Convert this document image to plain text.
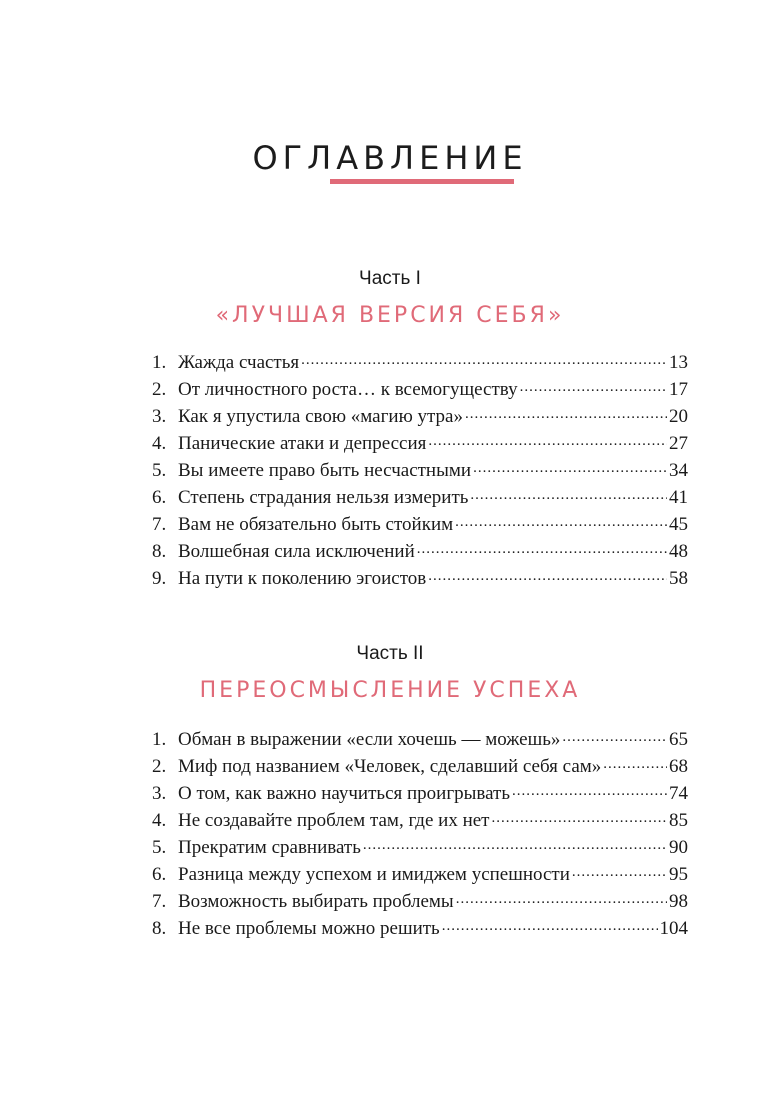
ОГЛАВЛЕНИЕ
Часть I
«ЛУЧШАЯ ВЕРСИЯ СЕБЯ»
1. Жажда счастья .....	13
2. От личностного роста… к всемогуществу .....	17
3. Как я упустила свою «магию утра» .....	20
4. Панические атаки и депрессия .....	27
5. Вы имеете право быть несчастными .....	34
6. Степень страдания нельзя измерить .....	41
7. Вам не обязательно быть стойким .....	45
8. Волшебная сила исключений .....	48
9. На пути к поколению эгоистов .....	58
Часть II
ПЕРЕОСМЫСЛЕНИЕ УСПЕХА
1. Обман в выражении «если хочешь — можешь» .....	65
2. Миф под названием «Человек, сделавший себя сам» .....	68
3. О том, как важно научиться проигрывать .....	74
4. Не создавайте проблем там, где их нет .....	85
5. Прекратим сравнивать .....	90
6. Разница между успехом и имиджем успешности .....	95
7. Возможность выбирать проблемы .....	98
8. Не все проблемы можно решить .....	104
